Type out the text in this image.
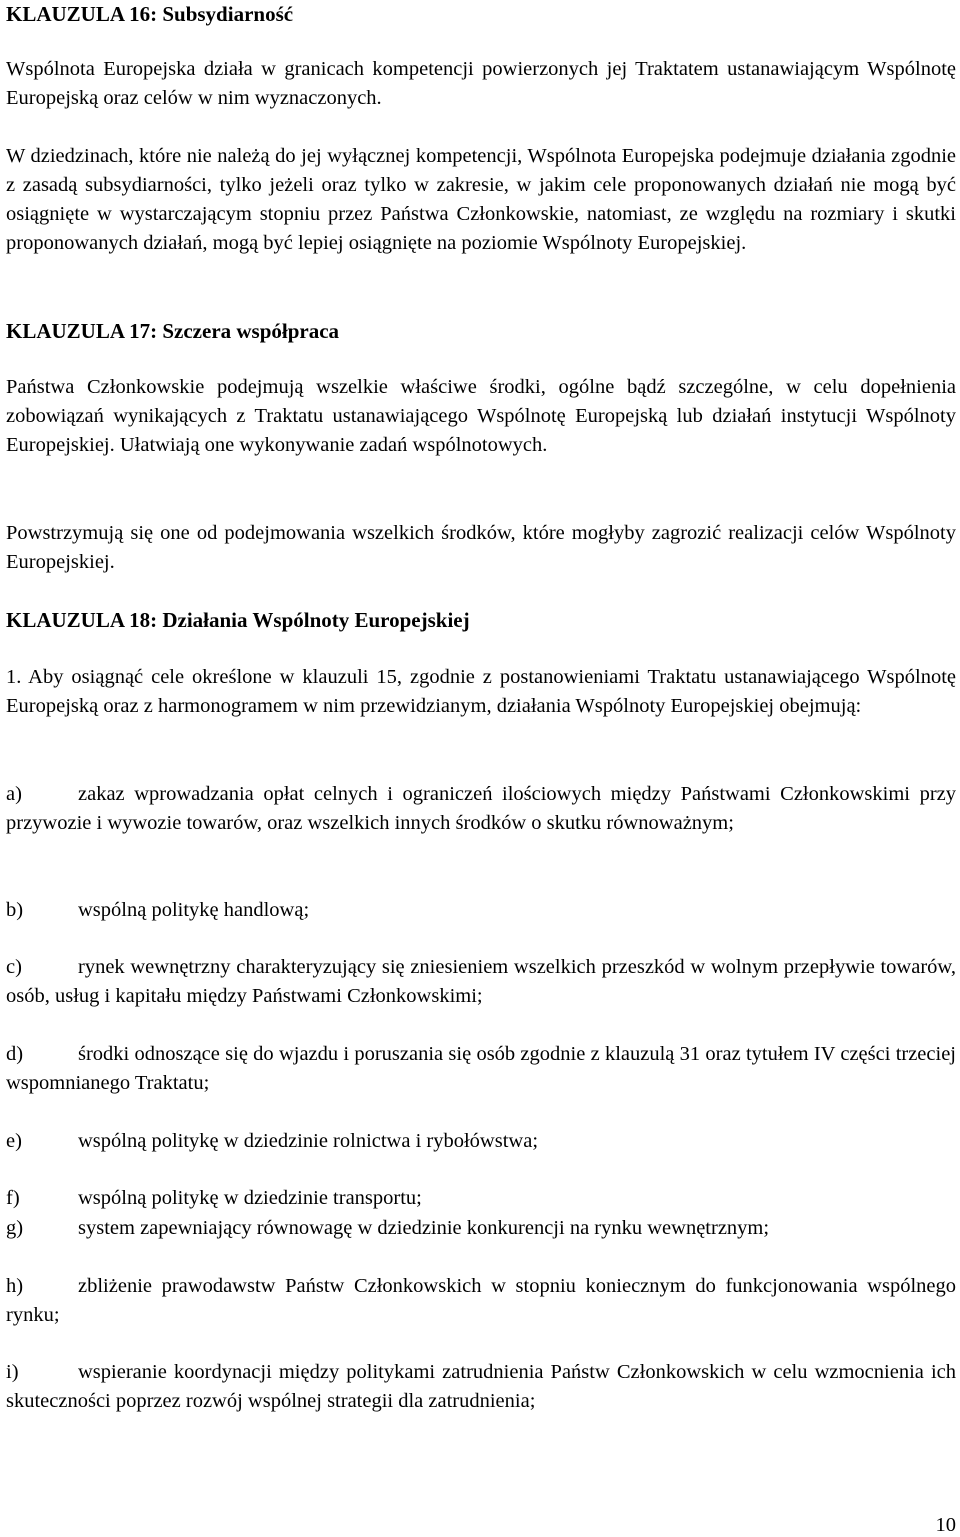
KLAUZULA 16: Subsydiarność
Wspólnota Europejska działa w granicach kompetencji powierzonych jej Traktatem ustanawiającym Wspólnotę Europejską oraz celów w nim wyznaczonych.
W dziedzinach, które nie należą do jej wyłącznej kompetencji, Wspólnota Europejska podejmuje działania zgodnie z zasadą subsydiarności, tylko jeżeli oraz tylko w zakresie, w jakim cele proponowanych działań nie mogą być osiągnięte w wystarczającym stopniu przez Państwa Członkowskie, natomiast, ze względu na rozmiary i skutki proponowanych działań, mogą być lepiej osiągnięte na poziomie Wspólnoty Europejskiej.
KLAUZULA 17: Szczera współpraca
Państwa Członkowskie podejmują wszelkie właściwe środki, ogólne bądź szczególne, w celu dopełnienia zobowiązań wynikających z Traktatu ustanawiającego Wspólnotę Europejską lub działań instytucji Wspólnoty Europejskiej. Ułatwiają one wykonywanie zadań wspólnotowych.
Powstrzymują się one od podejmowania wszelkich środków, które mogłyby zagrozić realizacji celów Wspólnoty Europejskiej.
KLAUZULA 18: Działania Wspólnoty Europejskiej
1. Aby osiągnąć cele określone w klauzuli 15, zgodnie z postanowieniami Traktatu ustanawiającego Wspólnotę Europejską oraz z harmonogramem w nim przewidzianym, działania Wspólnoty Europejskiej obejmują:
a)	zakaz wprowadzania opłat celnych i ograniczeń ilościowych między Państwami Członkowskimi przy przywozie i wywozie towarów, oraz wszelkich innych środków o skutku równoważnym;
b)	wspólną politykę handlową;
c)	rynek wewnętrzny charakteryzujący się zniesieniem wszelkich przeszkód w wolnym przepływie towarów, osób, usług i kapitału między Państwami Członkowskimi;
d)	środki odnoszące się do wjazdu i poruszania się osób zgodnie z klauzulą 31 oraz tytułem IV części trzeciej wspomnianego Traktatu;
e)	wspólną politykę w dziedzinie rolnictwa i rybołówstwa;
f)	wspólną politykę w dziedzinie transportu;
g)	system zapewniający równowagę w dziedzinie konkurencji na rynku wewnętrznym;
h)	zbliżenie prawodawstw Państw Członkowskich w stopniu koniecznym do funkcjonowania wspólnego rynku;
i)	wspieranie koordynacji między politykami zatrudnienia Państw Członkowskich w celu wzmocnienia ich skuteczności poprzez rozwój wspólnej strategii dla zatrudnienia;
10
